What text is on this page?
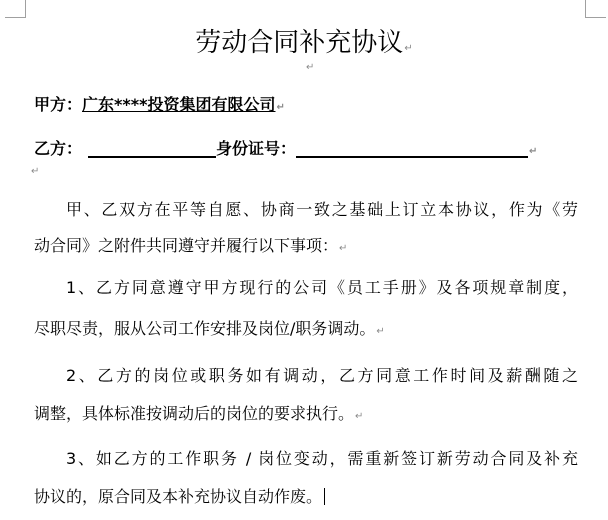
劳动合同补充协议↵
↵
甲方：广东****投资集团有限公司↵
乙方：	身份证号：	↵
↵
甲、乙双方在平等自愿、协商一致之基础上订立本协议，作为《劳
动合同》之附件共同遵守并履行以下事项：↵
1、乙方同意遵守甲方现行的公司《员工手册》及各项规章制度，
尽职尽责，服从公司工作安排及岗位/职务调动。↵
2、乙方的岗位或职务如有调动，乙方同意工作时间及薪酬随之
调整，具体标准按调动后的岗位的要求执行。↵
3、如乙方的工作职务 / 岗位变动，需重新签订新劳动合同及补充
协议的，原合同及本补充协议自动作废。
